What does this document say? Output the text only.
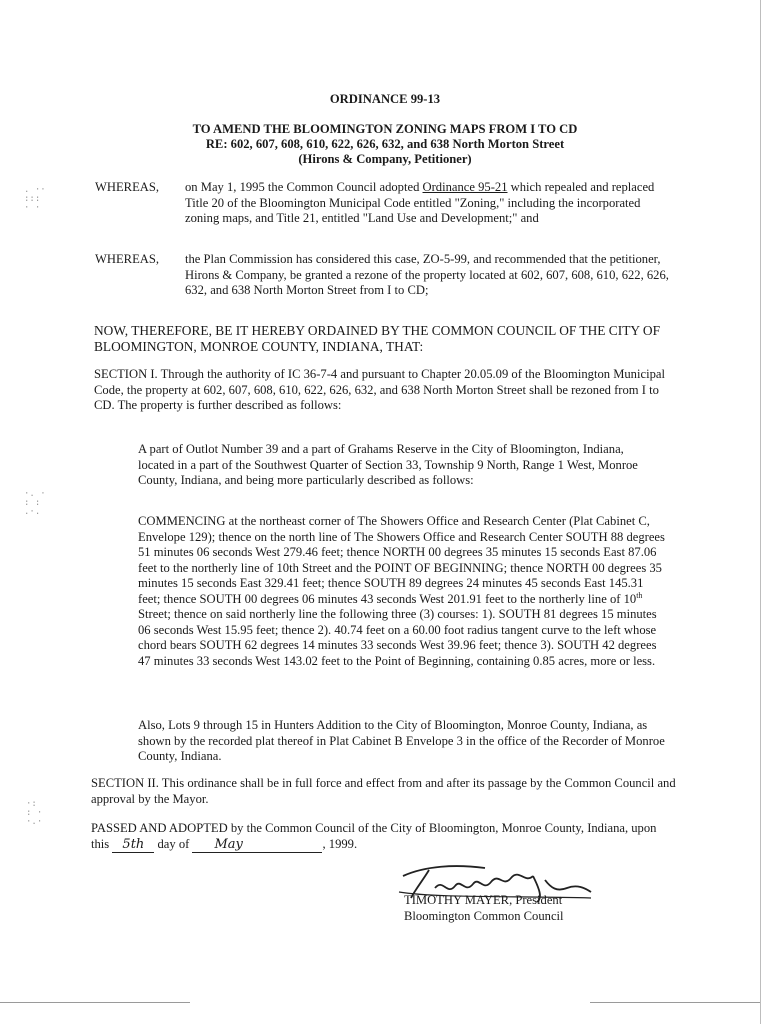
ORDINANCE 99-13
TO AMEND THE BLOOMINGTON ZONING MAPS FROM I TO CD
RE: 602, 607, 608, 610, 622, 626, 632, and 638 North Morton Street
(Hirons & Company, Petitioner)
WHEREAS, on May 1, 1995 the Common Council adopted Ordinance 95-21 which repealed and replaced Title 20 of the Bloomington Municipal Code entitled "Zoning," including the incorporated zoning maps, and Title 21, entitled "Land Use and Development;" and
WHEREAS, the Plan Commission has considered this case, ZO-5-99, and recommended that the petitioner, Hirons & Company, be granted a rezone of the property located at 602, 607, 608, 610, 622, 626, 632, and 638 North Morton Street from I to CD;
NOW, THEREFORE, BE IT HEREBY ORDAINED BY THE COMMON COUNCIL OF THE CITY OF BLOOMINGTON, MONROE COUNTY, INDIANA, THAT:
SECTION I. Through the authority of IC 36-7-4 and pursuant to Chapter 20.05.09 of the Bloomington Municipal Code, the property at 602, 607, 608, 610, 622, 626, 632, and 638 North Morton Street shall be rezoned from I to CD. The property is further described as follows:
A part of Outlot Number 39 and a part of Grahams Reserve in the City of Bloomington, Indiana, located in a part of the Southwest Quarter of Section 33, Township 9 North, Range 1 West, Monroe County, Indiana, and being more particularly described as follows:
COMMENCING at the northeast corner of The Showers Office and Research Center (Plat Cabinet C, Envelope 129); thence on the north line of The Showers Office and Research Center SOUTH 88 degrees 51 minutes 06 seconds West 279.46 feet; thence NORTH 00 degrees 35 minutes 15 seconds East 87.06 feet to the northerly line of 10th Street and the POINT OF BEGINNING; thence NORTH 00 degrees 35 minutes 15 seconds East 329.41 feet; thence SOUTH 89 degrees 24 minutes 45 seconds East 145.31 feet; thence SOUTH 00 degrees 06 minutes 43 seconds West 201.91 feet to the northerly line of 10th Street; thence on said northerly line the following three (3) courses: 1). SOUTH 81 degrees 15 minutes 06 seconds West 15.95 feet; thence 2). 40.74 feet on a 60.00 foot radius tangent curve to the left whose chord bears SOUTH 62 degrees 14 minutes 33 seconds West 39.96 feet; thence 3). SOUTH 42 degrees 47 minutes 33 seconds West 143.02 feet to the Point of Beginning, containing 0.85 acres, more or less.
Also, Lots 9 through 15 in Hunters Addition to the City of Bloomington, Monroe County, Indiana, as shown by the recorded plat thereof in Plat Cabinet B Envelope 3 in the office of the Recorder of Monroe County, Indiana.
SECTION II. This ordinance shall be in full force and effect from and after its passage by the Common Council and approval by the Mayor.
PASSED AND ADOPTED by the Common Council of the City of Bloomington, Monroe County, Indiana, upon this 5th day of May	, 1999.
TIMOTHY MAYER, President
Bloomington Common Council
. ··
:::
· ·
·. ·
: :
.·.
·:
: ·
·.·
